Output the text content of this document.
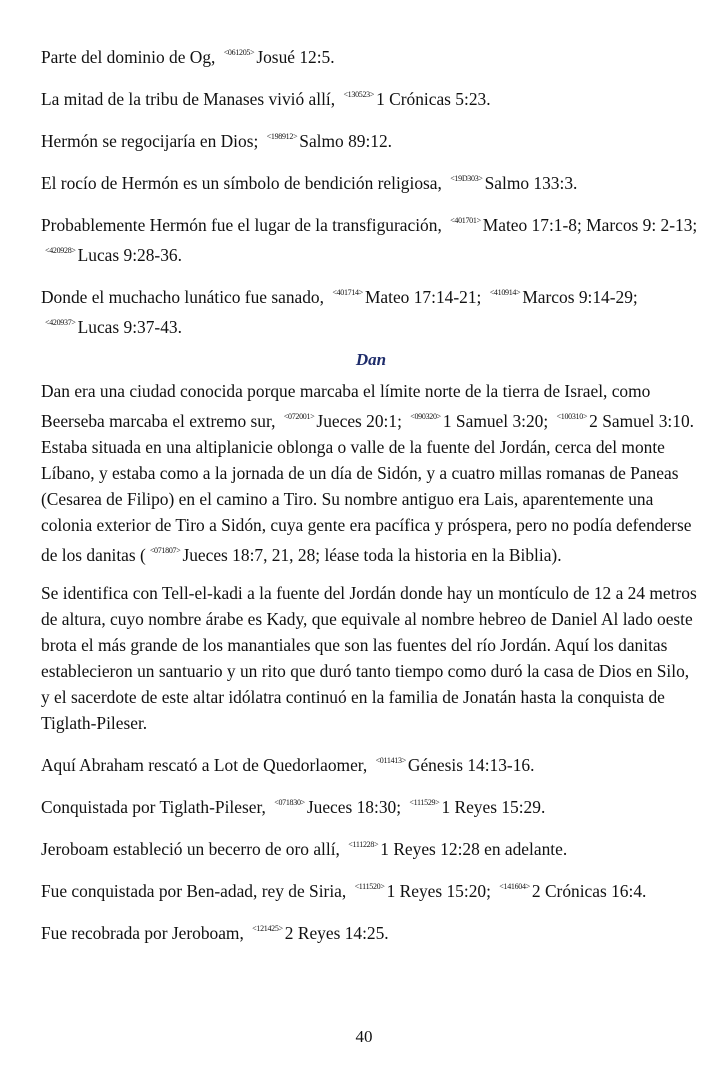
Parte del dominio de Og, $^{<061205>}$ Josué 12:5.

La mitad de la tribu de Manases vivió allí, $^{<130523>}$ 1 Crónicas 5:23.

Hermón se regocijaría en Dios; $^{<198912>}$ Salmo 89:12.

El rocío de Hermón es un símbolo de bendición religiosa, $^{<19D303>}$ Salmo 133:3.

Probablemente Hermón fue el lugar de la transfiguración, $^{<401701>}$ Mateo 17:1-8; Marcos 9: 2-13; $^{<420928>}$ Lucas 9:28-36.

Donde el muchacho lunático fue sanado, $^{<401714>}$ Mateo 17:14-21; $^{<410914>}$ Marcos 9:14-29; $^{<420937>}$ Lucas 9:37-43.

Dan

Dan era una ciudad conocida porque marcaba el límite norte de la tierra de Israel, como Beerseba marcaba el extremo sur, $^{<072001>}$ Jueces 20:1; $^{<090320>}$ 1 Samuel 3:20; $^{<100310>}$ 2 Samuel 3:10. Estaba situada en una altiplanicie oblonga o valle de la fuente del Jordán, cerca del monte Líbano, y estaba como a la jornada de un día de Sidón, y a cuatro millas romanas de Paneas (Cesarea de Filipo) en el camino a Tiro. Su nombre antiguo era Lais, aparentemente una colonia exterior de Tiro a Sidón, cuya gente era pacífica y próspera, pero no podía defenderse de los danitas ( $^{<071807>}$ Jueces 18:7, 21, 28; léase toda la historia en la Biblia).

Se identifica con Tell-el-kadi a la fuente del Jordán donde hay un montículo de 12 a 24 metros de altura, cuyo nombre árabe es Kady, que equivale al nombre hebreo de Daniel Al lado oeste brota el más grande de los manantiales que son las fuentes del río Jordán. Aquí los danitas establecieron un santuario y un rito que duró tanto tiempo como duró la casa de Dios en Silo, y el sacerdote de este altar idólatra continuó en la familia de Jonatán hasta la conquista de Tiglath-Pileser.

Aquí Abraham rescató a Lot de Quedorlaomer, $^{<011413>}$ Génesis 14:13-16.

Conquistada por Tiglath-Pileser, $^{<071830>}$ Jueces 18:30; $^{<111529>}$ 1 Reyes 15:29.

Jeroboam estableció un becerro de oro allí, $^{<111228>}$ 1 Reyes 12:28 en adelante.

Fue conquistada por Ben-adad, rey de Siria, $^{<111520>}$ 1 Reyes 15:20; $^{<141604>}$ 2 Crónicas 16:4.

Fue recobrada por Jeroboam, $^{<121425>}$ 2 Reyes 14:25.

40
